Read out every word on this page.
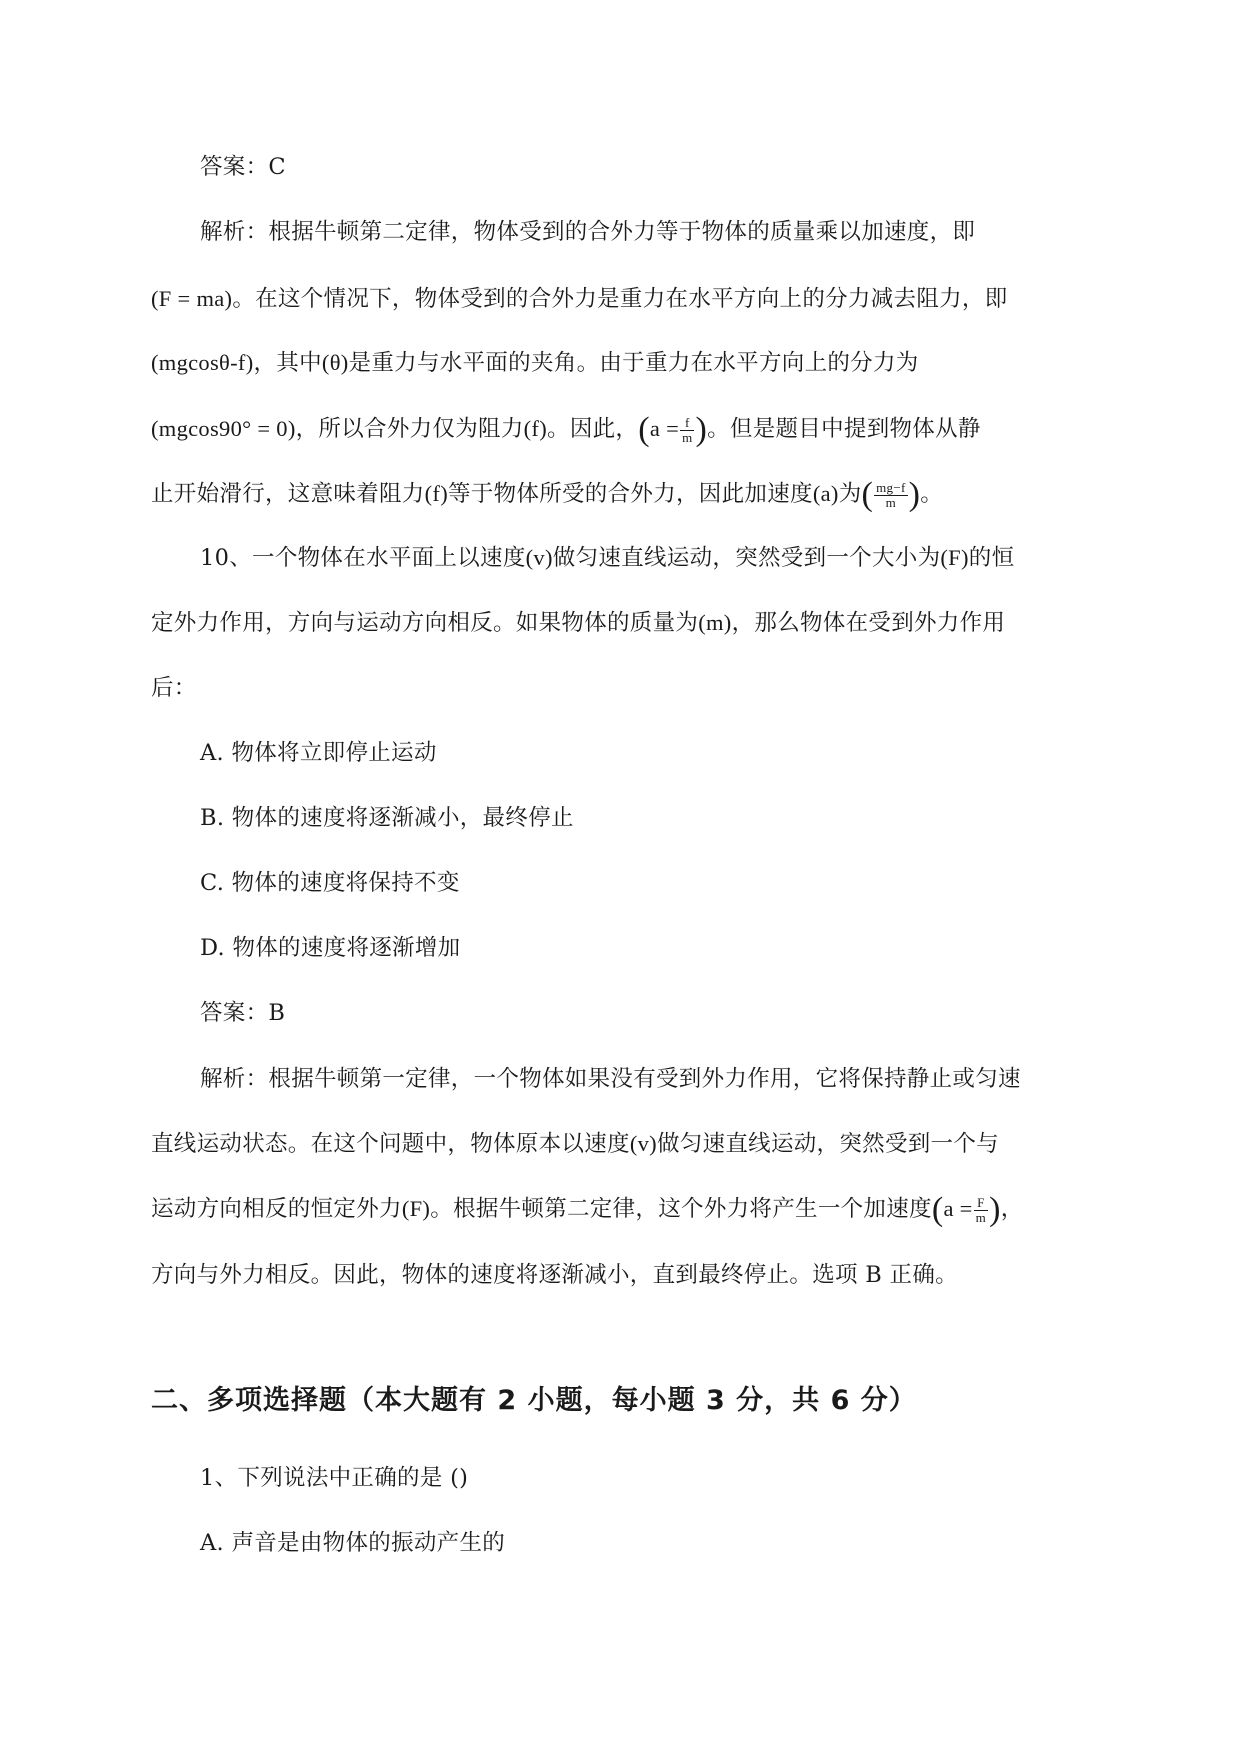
答案：C
解析：根据牛顿第二定律，物体受到的合外力等于物体的质量乘以加速度，即
(F = ma)。在这个情况下，物体受到的合外力是重力在水平方向上的分力减去阻力，即
(mgcosθ-f)，其中(θ)是重力与水平面的夹角。由于重力在水平方向上的分力为
(mgcos90° = 0)，所以合外力仅为阻力(f)。因此，($a = \frac{f}{m}$ )。但是题目中提到物体从静
止开始滑行，这意味着阻力(f)等于物体所受的合外力，因此加速度(a)为( $\frac{mg-f}{m}$ )。
10、一个物体在水平面上以速度(v)做匀速直线运动，突然受到一个大小为(F)的恒
定外力作用，方向与运动方向相反。如果物体的质量为(m)，那么物体在受到外力作用
后：
A. 物体将立即停止运动
B. 物体的速度将逐渐减小，最终停止
C. 物体的速度将保持不变
D. 物体的速度将逐渐增加
答案：B
解析：根据牛顿第一定律，一个物体如果没有受到外力作用，它将保持静止或匀速
直线运动状态。在这个问题中，物体原本以速度(v)做匀速直线运动，突然受到一个与
运动方向相反的恒定外力(F)。根据牛顿第二定律，这个外力将产生一个加速度($a = \frac{F}{m}$ )，
方向与外力相反。因此，物体的速度将逐渐减小，直到最终停止。选项 B 正确。
二、多项选择题（本大题有 2 小题，每小题 3 分，共 6 分）
1、下列说法中正确的是 ()
A. 声音是由物体的振动产生的
